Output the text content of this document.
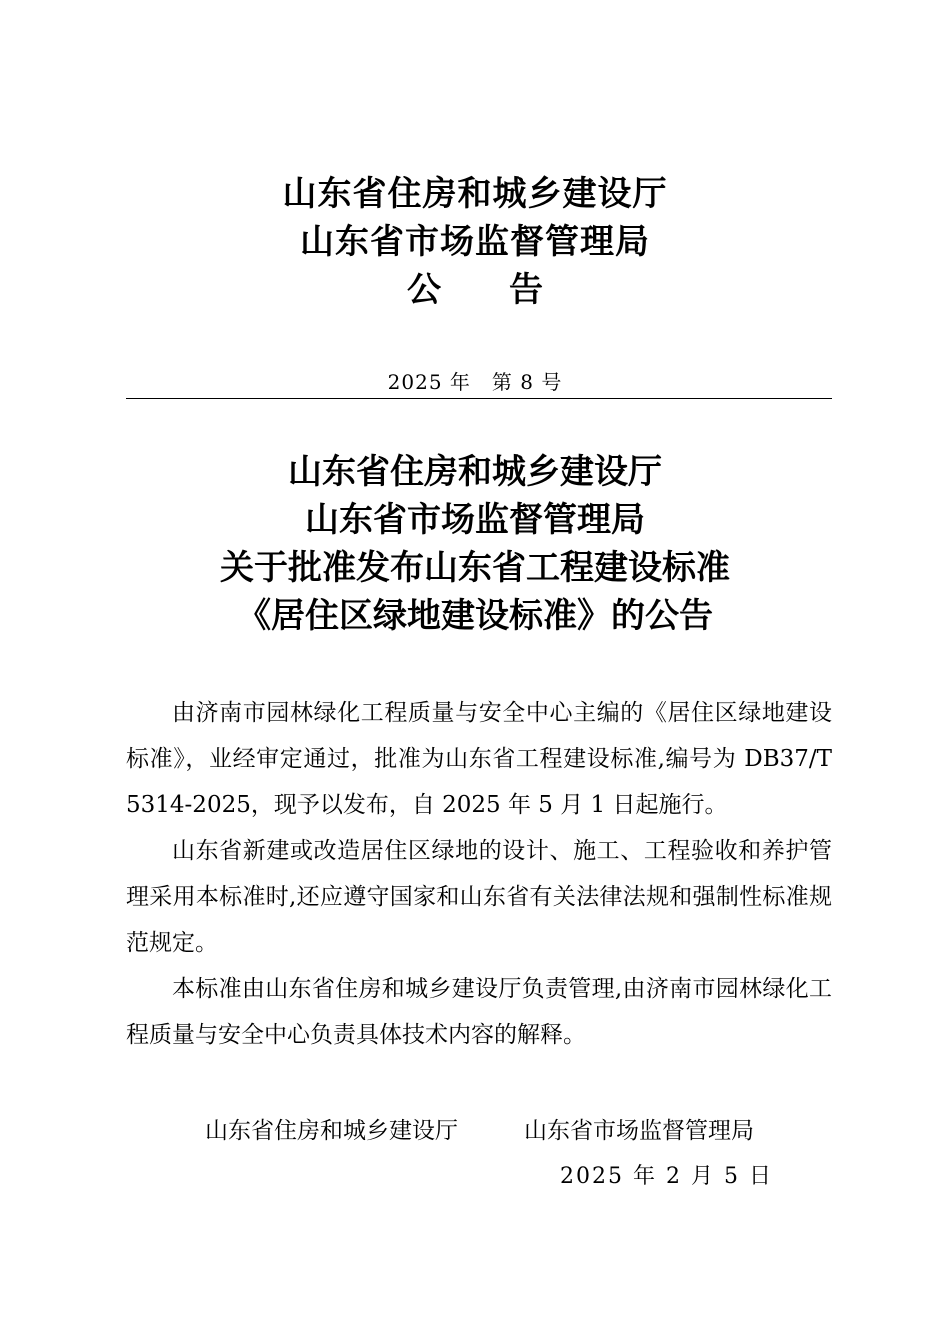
山东省住房和城乡建设厅
山东省市场监督管理局
公 告
2025 年　第 8 号
山东省住房和城乡建设厅
山东省市场监督管理局
关于批准发布山东省工程建设标准
《居住区绿地建设标准》的公告

由济南市园林绿化工程质量与安全中心主编的《居住区绿地建设标准》，业经审定通过，批准为山东省工程建设标准,编号为 DB37/T 5314-2025，现予以发布，自 2025 年 5 月 1 日起施行。

山东省新建或改造居住区绿地的设计、施工、工程验收和养护管理采用本标准时,还应遵守国家和山东省有关法律法规和强制性标准规范规定。

本标准由山东省住房和城乡建设厅负责管理,由济南市园林绿化工程质量与安全中心负责具体技术内容的解释。

山东省住房和城乡建设厅	山东省市场监督管理局
2025 年 2 月 5 日
